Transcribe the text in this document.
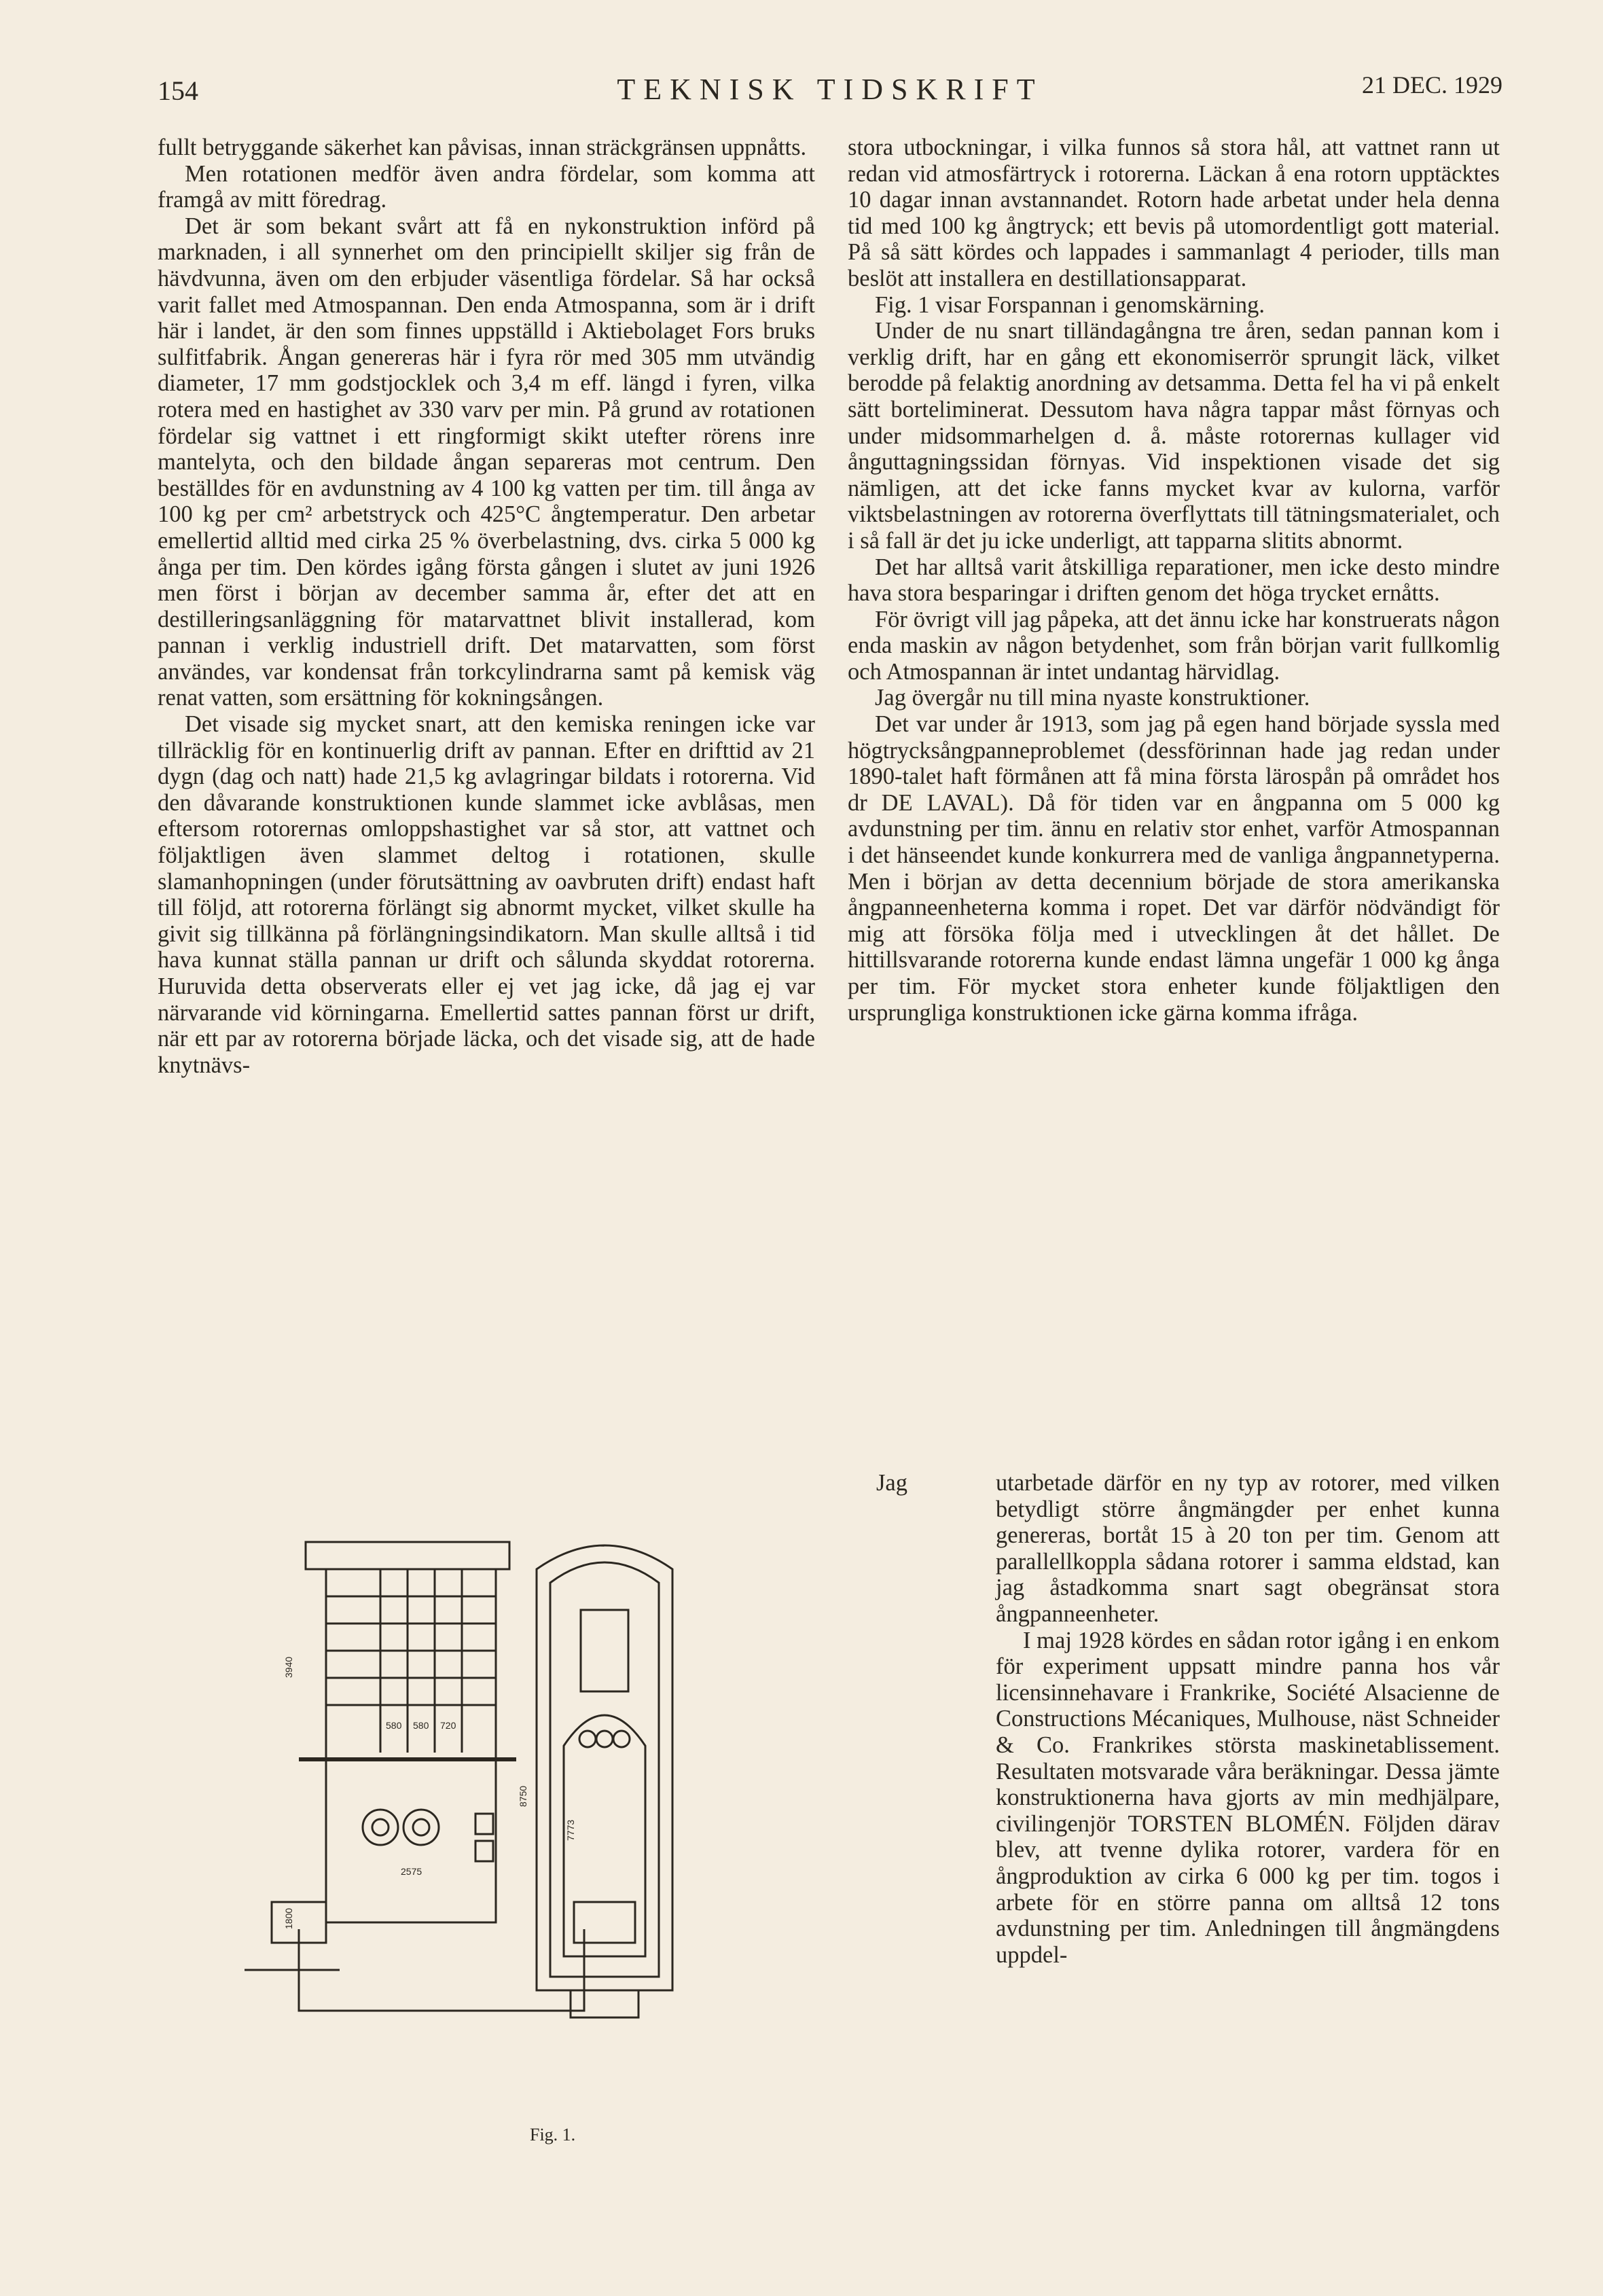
154	TEKNISK TIDSKRIFT	21 DEC. 1929

fullt betryggande säkerhet kan påvisas, innan sträckgränsen uppnåtts.

Men rotationen medför även andra fördelar, som komma att framgå av mitt föredrag.

Det är som bekant svårt att få en nykonstruktion införd på marknaden, i all synnerhet om den principiellt skiljer sig från de hävdvunna, även om den erbjuder väsentliga fördelar. Så har också varit fallet med Atmospannan. Den enda Atmospanna, som är i drift här i landet, är den som finnes uppställd i Aktiebolaget Fors bruks sulfitfabrik. Ångan genereras här i fyra rör med 305 mm utvändig diameter, 17 mm godstjocklek och 3,4 m eff. längd i fyren, vilka rotera med en hastighet av 330 varv per min. På grund av rotationen fördelar sig vattnet i ett ringformigt skikt utefter rörens inre mantelyta, och den bildade ångan separeras mot centrum. Den beställdes för en avdunstning av 4 100 kg vatten per tim. till ånga av 100 kg per cm² arbetstryck och 425°C ångtemperatur. Den arbetar emellertid alltid med cirka 25 % överbelastning, dvs. cirka 5 000 kg ånga per tim. Den kördes igång första gången i slutet av juni 1926 men först i början av december samma år, efter det att en destilleringsanläggning för matarvattnet blivit installerad, kom pannan i verklig industriell drift. Det matarvatten, som först användes, var kondensat från torkcylindrarna samt på kemisk väg renat vatten, som ersättning för kokningsången.

Det visade sig mycket snart, att den kemiska reningen icke var tillräcklig för en kontinuerlig drift av pannan. Efter en drifttid av 21 dygn (dag och natt) hade 21,5 kg avlagringar bildats i rotorerna. Vid den dåvarande konstruktionen kunde slammet icke avblåsas, men eftersom rotorernas omloppshastighet var så stor, att vattnet och följaktligen även slammet deltog i rotationen, skulle slamanhopningen (under förutsättning av oavbruten drift) endast haft till följd, att rotorerna förlängt sig abnormt mycket, vilket skulle ha givit sig tillkänna på förlängningsindikatorn. Man skulle alltså i tid hava kunnat ställa pannan ur drift och sålunda skyddat rotorerna. Huruvida detta observerats eller ej vet jag icke, då jag ej var närvarande vid körningarna. Emellertid sattes pannan först ur drift, när ett par av rotorerna började läcka, och det visade sig, att de hade knytnävs-

stora utbockningar, i vilka funnos så stora hål, att vattnet rann ut redan vid atmosfärtryck i rotorerna. Läckan å ena rotorn upptäcktes 10 dagar innan avstannandet. Rotorn hade arbetat under hela denna tid med 100 kg ångtryck; ett bevis på utomordentligt gott material. På så sätt kördes och lappades i sammanlagt 4 perioder, tills man beslöt att installera en destillationsapparat.

Fig. 1 visar Forspannan i genomskärning.

Under de nu snart tilländagångna tre åren, sedan pannan kom i verklig drift, har en gång ett ekonomiserrör sprungit läck, vilket berodde på felaktig anordning av detsamma. Detta fel ha vi på enkelt sätt borteliminerat. Dessutom hava några tappar måst förnyas och under midsommarhelgen d. å. måste rotorernas kullager vid ånguttagningssidan förnyas. Vid inspektionen visade det sig nämligen, att det icke fanns mycket kvar av kulorna, varför viktsbelastningen av rotorerna överflyttats till tätningsmaterialet, och i så fall är det ju icke underligt, att tapparna slitits abnormt.

Det har alltså varit åtskilliga reparationer, men icke desto mindre hava stora besparingar i driften genom det höga trycket ernåtts.

För övrigt vill jag påpeka, att det ännu icke har konstruerats någon enda maskin av någon betydenhet, som från början varit fullkomlig och Atmospannan är intet undantag härvidlag.

Jag övergår nu till mina nyaste konstruktioner.

Det var under år 1913, som jag på egen hand började syssla med högtrycksångpanneproblemet (dessförinnan hade jag redan under 1890-talet haft förmånen att få mina första lärospån på området hos dr DE LAVAL). Då för tiden var en ångpanna om 5 000 kg avdunstning per tim. ännu en relativ stor enhet, varför Atmospannan i det hänseendet kunde konkurrera med de vanliga ångpannetyperna. Men i början av detta decennium började de stora amerikanska ångpanneenheterna komma i ropet. Det var därför nödvändigt för mig att försöka följa med i utvecklingen åt det hållet. De hittillsvarande rotorerna kunde endast lämna ungefär 1 000 kg ånga per tim. För mycket stora enheter kunde följaktligen den ursprungliga konstruktionen icke gärna komma ifråga.

Jag	utarbetade därför en ny typ av rotorer, med vilken betydligt större ångmängder per enhet kunna genereras, bortåt 15 à 20 ton per tim. Genom att parallellkoppla sådana rotorer i samma eldstad, kan jag åstadkomma snart sagt obegränsat stora ångpanneenheter.

I maj 1928 kördes en sådan rotor igång i en enkom för experiment uppsatt mindre panna hos vår licensinnehavare i Frankrike, Société Alsacienne de Constructions Mécaniques, Mulhouse, näst Schneider & Co. Frankrikes största maskinetablissement. Resultaten motsvarade våra beräkningar. Dessa jämte konstruktionerna hava gjorts av min medhjälpare, civilingenjör TORSTEN BLOMÉN. Följden därav blev, att tvenne dylika rotorer, vardera för en ångproduktion av cirka 6 000 kg per tim. togos i arbete för en större panna om alltså 12 tons avdunstning per tim. Anledningen till ångmängdens uppdel-

3940
580 580 720
1800
2575
8750
7773
Fig. 1.
